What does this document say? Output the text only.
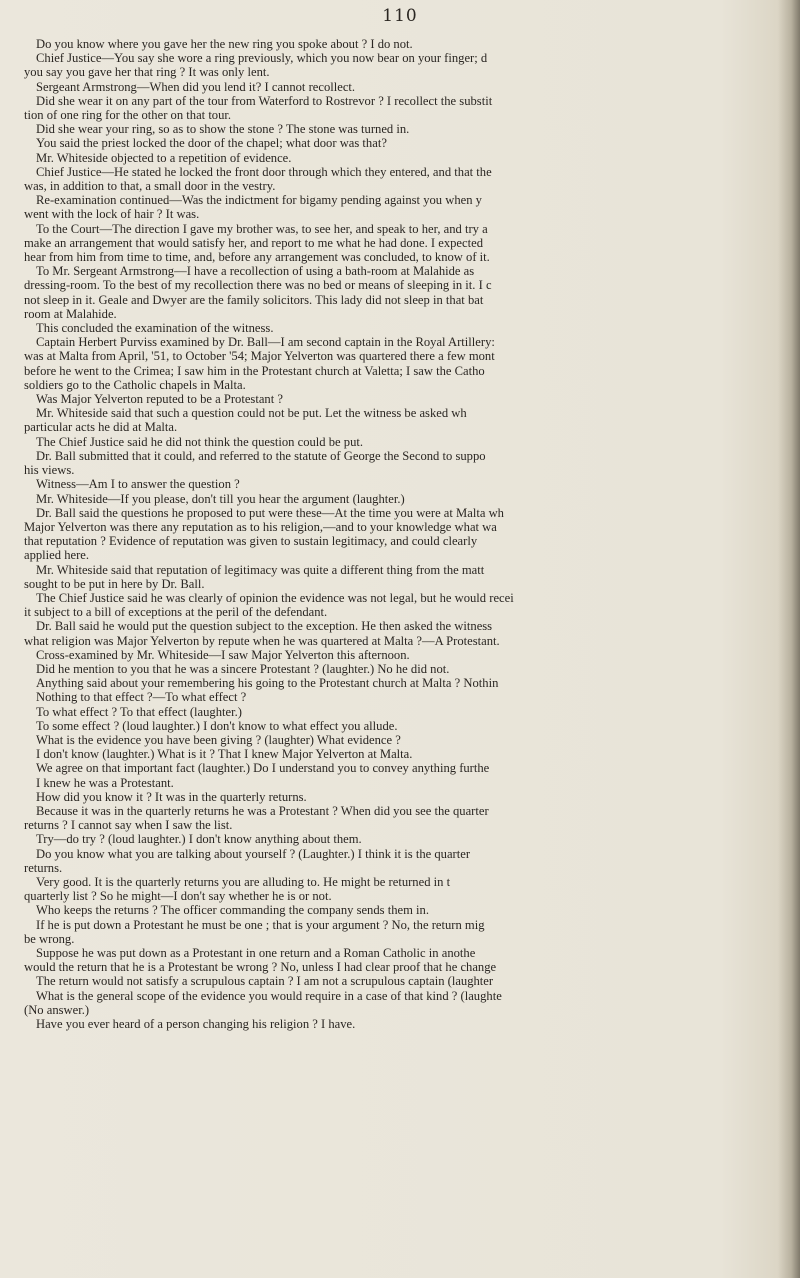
110

Do you know where you gave her the new ring you spoke about ? I do not.

Chief Justice—You say she wore a ring previously, which you now bear on your finger; d

you say you gave her that ring ? It was only lent.

Sergeant Armstrong—When did you lend it? I cannot recollect.

Did she wear it on any part of the tour from Waterford to Rostrevor ? I recollect the substit

tion of one ring for the other on that tour.

Did she wear your ring, so as to show the stone ? The stone was turned in.

You said the priest locked the door of the chapel; what door was that?

Mr. Whiteside objected to a repetition of evidence.

Chief Justice—He stated he locked the front door through which they entered, and that the

was, in addition to that, a small door in the vestry.

Re-examination continued—Was the indictment for bigamy pending against you when y

went with the lock of hair ? It was.

To the Court—The direction I gave my brother was, to see her, and speak to her, and try a

make an arrangement that would satisfy her, and report to me what he had done. I expected

hear from him from time to time, and, before any arrangement was concluded, to know of it.

To Mr. Sergeant Armstrong—I have a recollection of using a bath-room at Malahide as

dressing-room. To the best of my recollection there was no bed or means of sleeping in it. I c

not sleep in it. Geale and Dwyer are the family solicitors. This lady did not sleep in that bat

room at Malahide.

This concluded the examination of the witness.

Captain Herbert Purviss examined by Dr. Ball—I am second captain in the Royal Artillery:

was at Malta from April, '51, to October '54; Major Yelverton was quartered there a few mont

before he went to the Crimea; I saw him in the Protestant church at Valetta; I saw the Catho

soldiers go to the Catholic chapels in Malta.

Was Major Yelverton reputed to be a Protestant ?

Mr. Whiteside said that such a question could not be put. Let the witness be asked wh

particular acts he did at Malta.

The Chief Justice said he did not think the question could be put.

Dr. Ball submitted that it could, and referred to the statute of George the Second to suppo

his views.

Witness—Am I to answer the question ?

Mr. Whiteside—If you please, don't till you hear the argument (laughter.)

Dr. Ball said the questions he proposed to put were these—At the time you were at Malta wh

Major Yelverton was there any reputation as to his religion,—and to your knowledge what wa

that reputation ? Evidence of reputation was given to sustain legitimacy, and could clearly

applied here.

Mr. Whiteside said that reputation of legitimacy was quite a different thing from the matt

sought to be put in here by Dr. Ball.

The Chief Justice said he was clearly of opinion the evidence was not legal, but he would recei

it subject to a bill of exceptions at the peril of the defendant.

Dr. Ball said he would put the question subject to the exception. He then asked the witness

what religion was Major Yelverton by repute when he was quartered at Malta ?—A Protestant.

Cross-examined by Mr. Whiteside—I saw Major Yelverton this afternoon.

Did he mention to you that he was a sincere Protestant ? (laughter.) No he did not.

Anything said about your remembering his going to the Protestant church at Malta ? Nothin

Nothing to that effect ?—To what effect ?

To what effect ? To that effect (laughter.)

To some effect ? (loud laughter.) I don't know to what effect you allude.

What is the evidence you have been giving ? (laughter) What evidence ?

I don't know (laughter.) What is it ? That I knew Major Yelverton at Malta.

We agree on that important fact (laughter.) Do I understand you to convey anything furthe

I knew he was a Protestant.

How did you know it ? It was in the quarterly returns.

Because it was in the quarterly returns he was a Protestant ? When did you see the quarter

returns ? I cannot say when I saw the list.

Try—do try ? (loud laughter.) I don't know anything about them.

Do you know what you are talking about yourself ? (Laughter.) I think it is the quarter

returns.

Very good. It is the quarterly returns you are alluding to. He might be returned in t

quarterly list ? So he might—I don't say whether he is or not.

Who keeps the returns ? The officer commanding the company sends them in.

If he is put down a Protestant he must be one ; that is your argument ? No, the return mig

be wrong.

Suppose he was put down as a Protestant in one return and a Roman Catholic in anothe

would the return that he is a Protestant be wrong ? No, unless I had clear proof that he change

The return would not satisfy a scrupulous captain ? I am not a scrupulous captain (laughter

What is the general scope of the evidence you would require in a case of that kind ? (laughte

(No answer.)

Have you ever heard of a person changing his religion ? I have.
